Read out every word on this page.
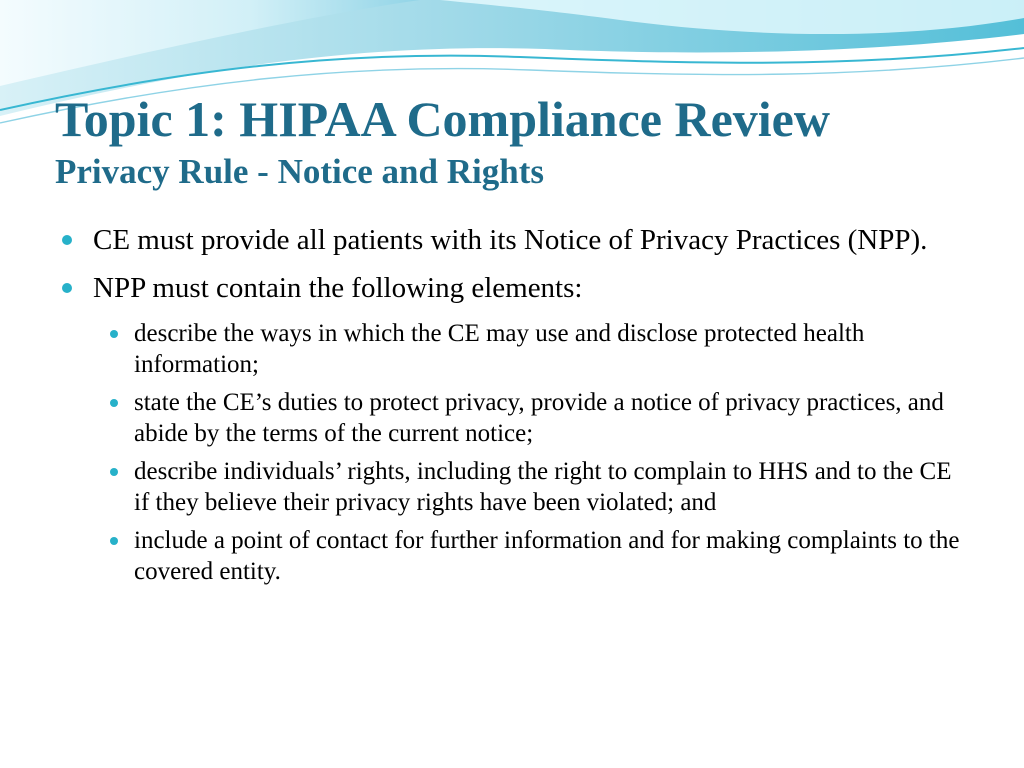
Topic 1: HIPAA Compliance Review
Privacy Rule - Notice and Rights
CE must provide all patients with its Notice of Privacy Practices (NPP).
NPP must contain the following elements:
describe the ways in which the CE may use and disclose protected health information;
state the CE’s duties to protect privacy, provide a notice of privacy practices, and abide by the terms of the current notice;
describe individuals’ rights, including the right to complain to HHS and to the CE if they believe their privacy rights have been violated; and
include a point of contact for further information and for making complaints to the covered entity.
